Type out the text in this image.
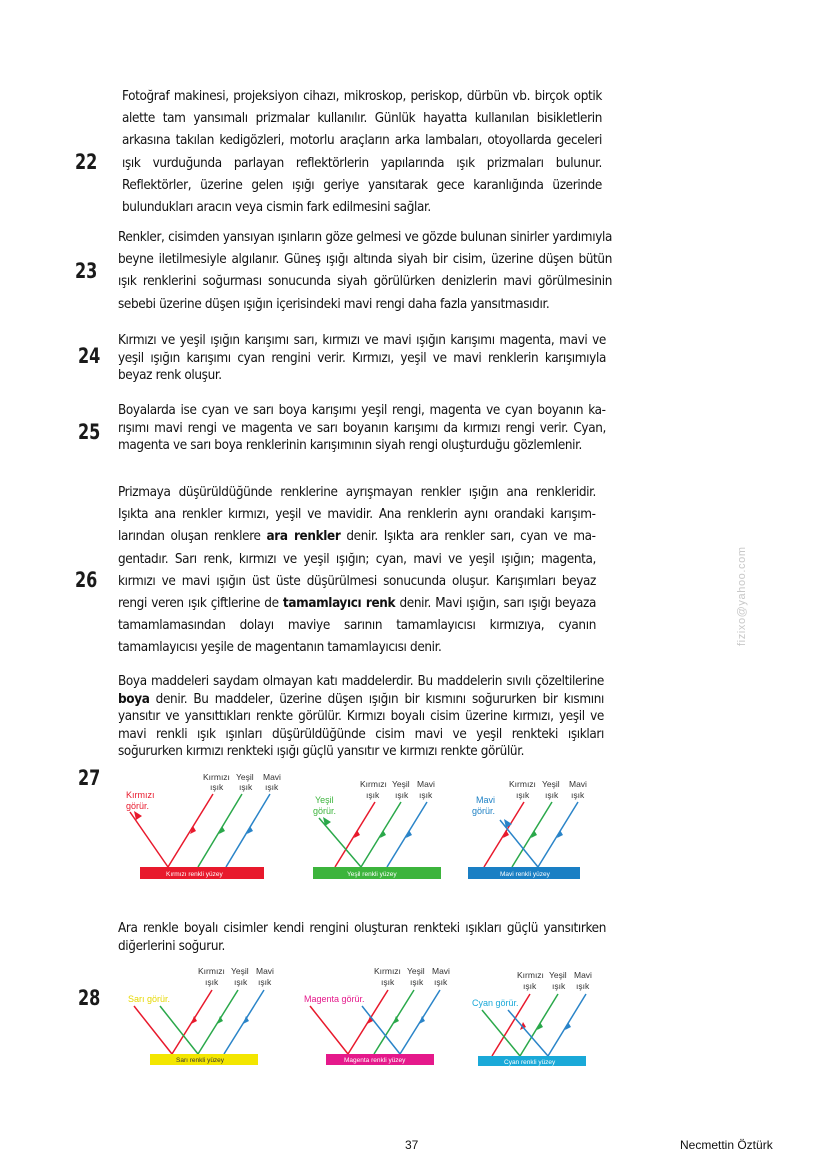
22
Fotoğraf makinesi, projeksiyon cihazı, mikroskop, periskop, dürbün vb. birçok optik alette tam yansımalı prizmalar kullanılır. Günlük hayatta kullanılan bisikletlerin arkasına takılan kedigözleri, motorlu araçların arka lambaları, otoyollarda geceleri ışık vurduğunda parlayan reflektörlerin yapılarında ışık prizmaları bulunur. Reflektörler, üzerine gelen ışığı geriye yansıtarak gece karanlığında üzerinde bulundukları aracın veya cismin fark edilmesini sağlar.
23
Renkler, cisimden yansıyan ışınların göze gelmesi ve gözde bulunan sinirler yardımıyla beyne iletilmesiyle algılanır. Güneş ışığı altında siyah bir cisim, üzerine düşen bütün ışık renklerini soğurması sonucunda siyah görülürken denizlerin mavi görülmesinin sebebi üzerine düşen ışığın içerisindeki mavi rengi daha fazla yansıtmasıdır.
24
Kırmızı ve yeşil ışığın karışımı sarı, kırmızı ve mavi ışığın karışımı magenta, mavi ve yeşil ışığın karışımı cyan rengini verir. Kırmızı, yeşil ve mavi renklerin karışımıyla beyaz renk oluşur.
25
Boyalarda ise cyan ve sarı boya karışımı yeşil rengi, magenta ve cyan boyanın karışımı mavi rengi ve magenta ve sarı boyanın karışımı da kırmızı rengi verir. Cyan, magenta ve sarı boya renklerinin karışımının siyah rengi oluşturduğu gözlemlenir.
26
Prizmaya düşürüldüğünde renklerine ayrışmayan renkler ışığın ana renkleridir. Işıkta ana renkler kırmızı, yeşil ve mavidir. Ana renklerin aynı orandaki karışımlarından oluşan renklere ara renkler denir. Işıkta ara renkler sarı, cyan ve magentadır. Sarı renk, kırmızı ve yeşil ışığın; cyan, mavi ve yeşil ışığın; magenta, kırmızı ve mavi ışığın üst üste düşürülmesi sonucunda oluşur. Karışımları beyaz rengi veren ışık çiftlerine de tamamlayıcı renk denir. Mavi ışığın, sarı ışığı beyaza tamamlamasından dolayı maviye sarının tamamlayıcısı kırmızıya, cyanın tamamlayıcısı yeşile de magentanın tamamlayıcısı denir.
27
Boya maddeleri saydam olmayan katı maddelerdir. Bu maddelerin sıvılı çözeltilerine boya denir. Bu maddeler, üzerine düşen ışığın bir kısmını soğururken bir kısmını yansıtır ve yansıttıkları renkte görülür. Kırmızı boyalı cisim üzerine kırmızı, yeşil ve mavi renkli ışık ışınları düşürüldüğünde cisim mavi ve yeşil renkteki ışıkları soğururken kırmızı renkteki ışığı güçlü yansıtır ve kırmızı renkte görülür.
Kırmızı
görür.
Kırmızı
ışık
Yeşil
ışık
Mavi
ışık
Kırmızı renkli yüzey
Yeşil
görür.
Kırmızı
ışık
Yeşil
ışık
Mavi
ışık
Yeşil renkli yüzey
Mavi
görür.
Kırmızı
ışık
Yeşil
ışık
Mavi
ışık
Mavi renkli yüzey
28
Ara renkle boyalı cisimler kendi rengini oluşturan renkteki ışıkları güçlü yansıtırken diğerlerini soğurur.
Sarı görür.
Kırmızı
ışık
Yeşil
ışık
Mavi
ışık
Sarı renkli yüzey
Magenta görür.
Kırmızı
ışık
Yeşil
ışık
Mavi
ışık
Magenta renkli yüzey
Cyan görür.
Kırmızı
ışık
Yeşil
ışık
Mavi
ışık
Cyan renkli yüzey
fizixo@yahoo.com
37	Necmettin Öztürk
